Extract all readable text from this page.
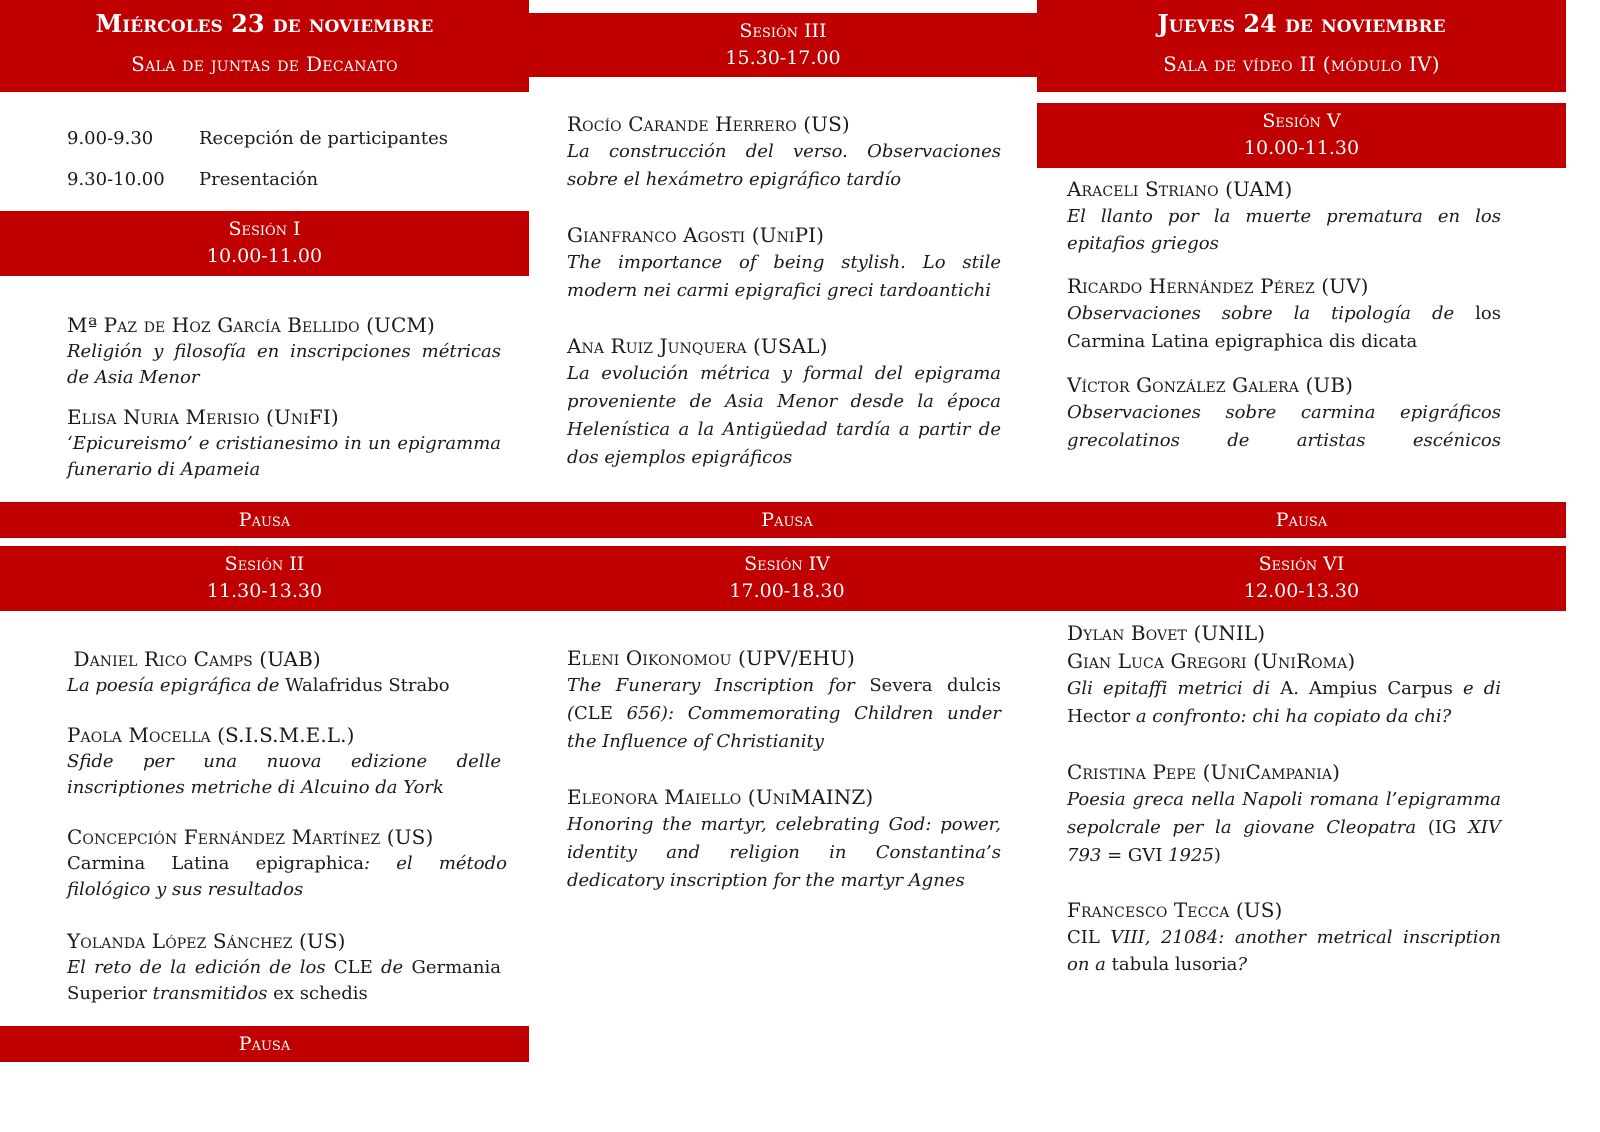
Miércoles 23 de noviembre
Sala de juntas de Decanato
Sesión III
15.30-17.00
Jueves 24 de noviembre
Sala de vídeo II (módulo IV)
9.00-9.30	Recepción de participantes
9.30-10.00 Presentación
Sesión I
10.00-11.00
Mª Paz de Hoz García Bellido (UCM)
Religión y filosofía en inscripciones métricas de Asia Menor
Elisa Nuria Merisio (UniFI)
‘Epicureismo’ e cristianesimo in un epigramma funerario di Apameia
Pausa	Pausa	Pausa
Sesión II
11.30-13.30
Daniel Rico Camps (UAB)
La poesía epigráfica de Walafridus Strabo
Paola Mocella (S.I.S.M.E.L.)
Sfide per una nuova edizione delle inscriptiones metriche di Alcuino da York
Concepción Fernández Martínez (US)
Carmina Latina epigraphica: el método filológico y sus resultados
Yolanda López Sánchez (US)
El reto de la edición de los CLE de Germania Superior transmitidos ex schedis
Pausa
Rocío Carande Herrero (US)
La construcción del verso. Observaciones sobre el hexámetro epigráfico tardío
Gianfranco Agosti (UniPI)
The importance of being stylish. Lo stile modern nei carmi epigrafici greci tardoantichi
Ana Ruiz Junquera (USAL)
La evolución métrica y formal del epigrama proveniente de Asia Menor desde la época Helenística a la Antigüedad tardía a partir de dos ejemplos epigráficos
Sesión IV
17.00-18.30
Eleni Oikonomou (UPV/EHU)
The Funerary Inscription for Severa dulcis (CLE 656): Commemorating Children under the Influence of Christianity
Eleonora Maiello (UniMAINZ)
Honoring the martyr, celebrating God: power, identity and religion in Constantina’s dedicatory inscription for the martyr Agnes
Sesión V
10.00-11.30
Araceli Striano (UAM)
El llanto por la muerte prematura en los epitafios griegos
Ricardo Hernández Pérez (UV)
Observaciones sobre la tipología de los Carmina Latina epigraphica dis dicata
Víctor González Galera (UB)
Observaciones sobre carmina epigráficos grecolatinos de artistas escénicos
Sesión VI
12.00-13.30
Dylan Bovet (UNIL)
Gian Luca Gregori (UniRoma)
Gli epitaffi metrici di A. Ampius Carpus e di Hector a confronto: chi ha copiato da chi?
Cristina Pepe (UniCampania)
Poesia greca nella Napoli romana l’epigramma sepolcrale per la giovane Cleopatra (IG XIV 793 = GVI 1925)
Francesco Tecca (US)
CIL VIII, 21084: another metrical inscription on a tabula lusoria?
